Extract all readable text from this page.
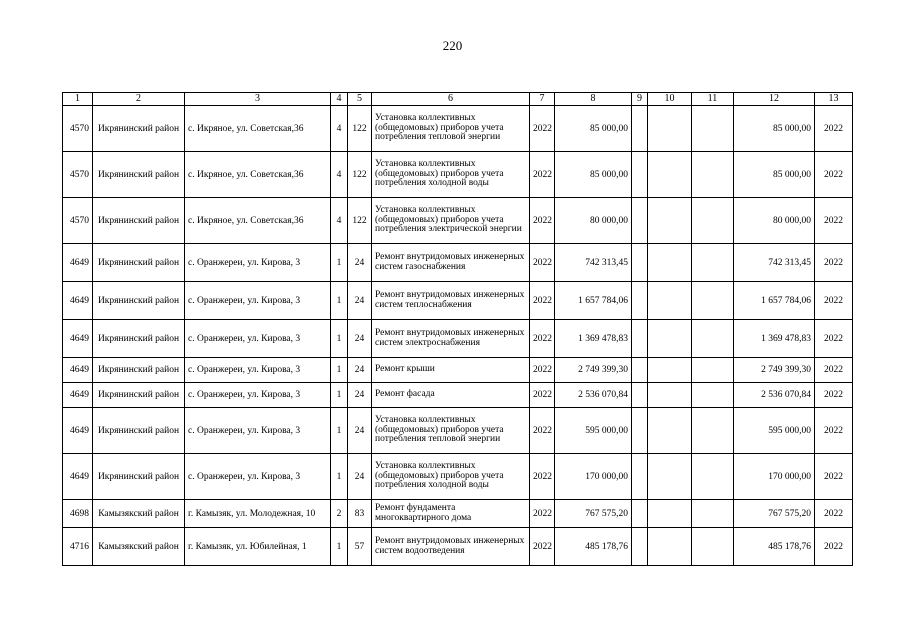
220
1	2	3	4	5	6	7	8	9	10	11	12	13
4570	Икрянинский район	с. Икряное, ул. Советская,36	4	122	Установка коллективных (общедомовых) приборов учета потребления тепловой энергии	2022	85 000,00				85 000,00	2022
4570	Икрянинский район	с. Икряное, ул. Советская,36	4	122	Установка коллективных (общедомовых) приборов учета потребления холодной воды	2022	85 000,00				85 000,00	2022
4570	Икрянинский район	с. Икряное, ул. Советская,36	4	122	Установка коллективных (общедомовых) приборов учета потребления электрической энергии	2022	80 000,00				80 000,00	2022
4649	Икрянинский район	с. Оранжереи, ул. Кирова, 3	1	24	Ремонт внутридомовых инженерных систем газоснабжения	2022	742 313,45				742 313,45	2022
4649	Икрянинский район	с. Оранжереи, ул. Кирова, 3	1	24	Ремонт внутридомовых инженерных систем теплоснабжения	2022	1 657 784,06				1 657 784,06	2022
4649	Икрянинский район	с. Оранжереи, ул. Кирова, 3	1	24	Ремонт внутридомовых инженерных систем электроснабжения	2022	1 369 478,83				1 369 478,83	2022
4649	Икрянинский район	с. Оранжереи, ул. Кирова, 3	1	24	Ремонт крыши	2022	2 749 399,30				2 749 399,30	2022
4649	Икрянинский район	с. Оранжереи, ул. Кирова, 3	1	24	Ремонт фасада	2022	2 536 070,84				2 536 070,84	2022
4649	Икрянинский район	с. Оранжереи, ул. Кирова, 3	1	24	Установка коллективных (общедомовых) приборов учета потребления тепловой энергии	2022	595 000,00				595 000,00	2022
4649	Икрянинский район	с. Оранжереи, ул. Кирова, 3	1	24	Установка коллективных (общедомовых) приборов учета потребления холодной воды	2022	170 000,00				170 000,00	2022
4698	Камызякский район	г. Камызяк, ул. Молодежная, 10	2	83	Ремонт фундамента многоквартирного дома	2022	767 575,20				767 575,20	2022
4716	Камызякский район	г. Камызяк, ул. Юбилейная, 1	1	57	Ремонт внутридомовых инженерных систем водоотведения	2022	485 178,76				485 178,76	2022
